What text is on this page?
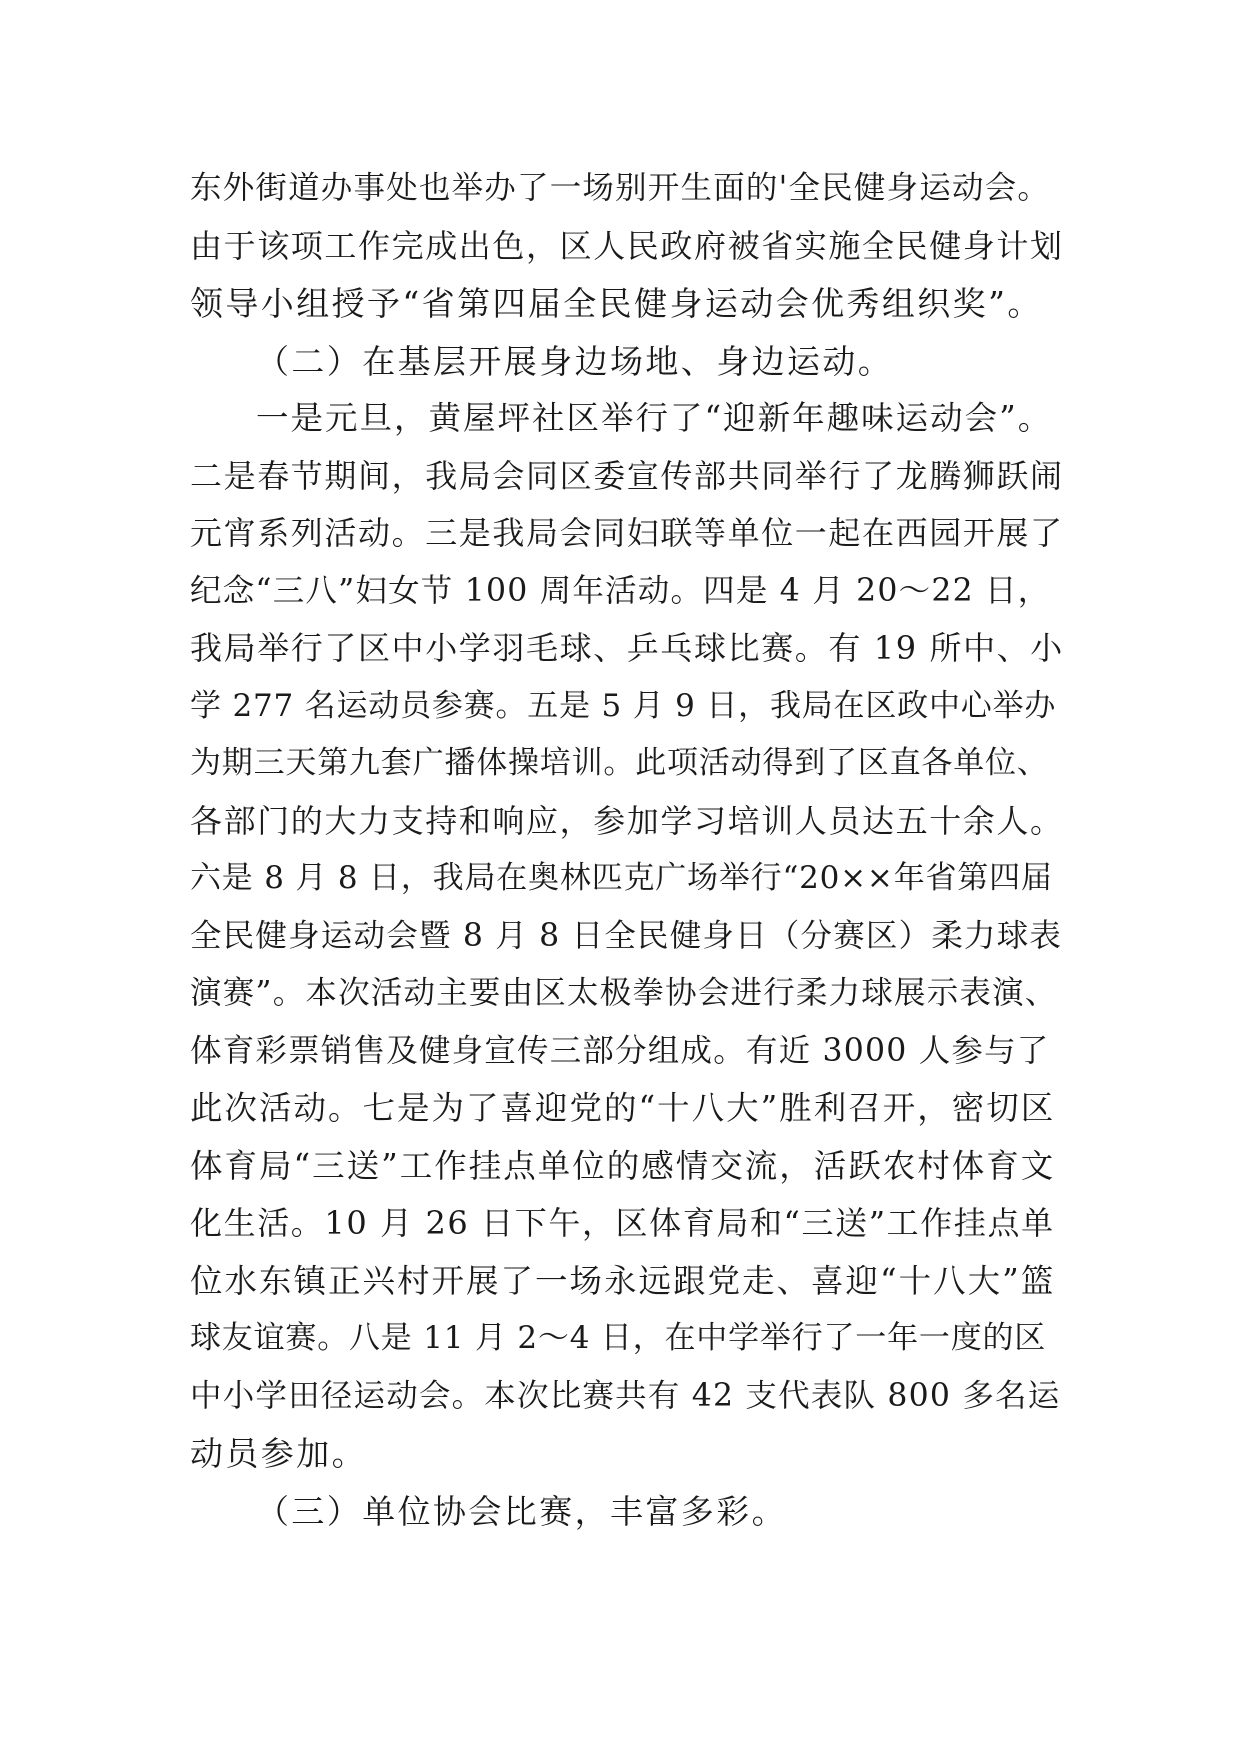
东外街道办事处也举办了一场别开生面的'全民健身运动会。
由于该项工作完成出色，区人民政府被省实施全民健身计划
领导小组授予“省第四届全民健身运动会优秀组织奖”。
（二）在基层开展身边场地、身边运动。
一是元旦，黄屋坪社区举行了“迎新年趣味运动会”。
二是春节期间，我局会同区委宣传部共同举行了龙腾狮跃闹
元宵系列活动。三是我局会同妇联等单位一起在西园开展了
纪念“三八”妇女节 100 周年活动。四是 4 月 20～22 日，
我局举行了区中小学羽毛球、乒乓球比赛。有 19 所中、小
学 277 名运动员参赛。五是 5 月 9 日，我局在区政中心举办
为期三天第九套广播体操培训。此项活动得到了区直各单位、
各部门的大力支持和响应，参加学习培训人员达五十余人。
六是 8 月 8 日，我局在奥林匹克广场举行“20××年省第四届
全民健身运动会暨 8 月 8 日全民健身日（分赛区）柔力球表
演赛”。本次活动主要由区太极拳协会进行柔力球展示表演、
体育彩票销售及健身宣传三部分组成。有近 3000 人参与了
此次活动。七是为了喜迎党的“十八大”胜利召开，密切区
体育局“三送”工作挂点单位的感情交流，活跃农村体育文
化生活。10 月 26 日下午，区体育局和“三送”工作挂点单
位水东镇正兴村开展了一场永远跟党走、喜迎“十八大”篮
球友谊赛。八是 11 月 2～4 日，在中学举行了一年一度的区
中小学田径运动会。本次比赛共有 42 支代表队 800 多名运
动员参加。
（三）单位协会比赛，丰富多彩。
